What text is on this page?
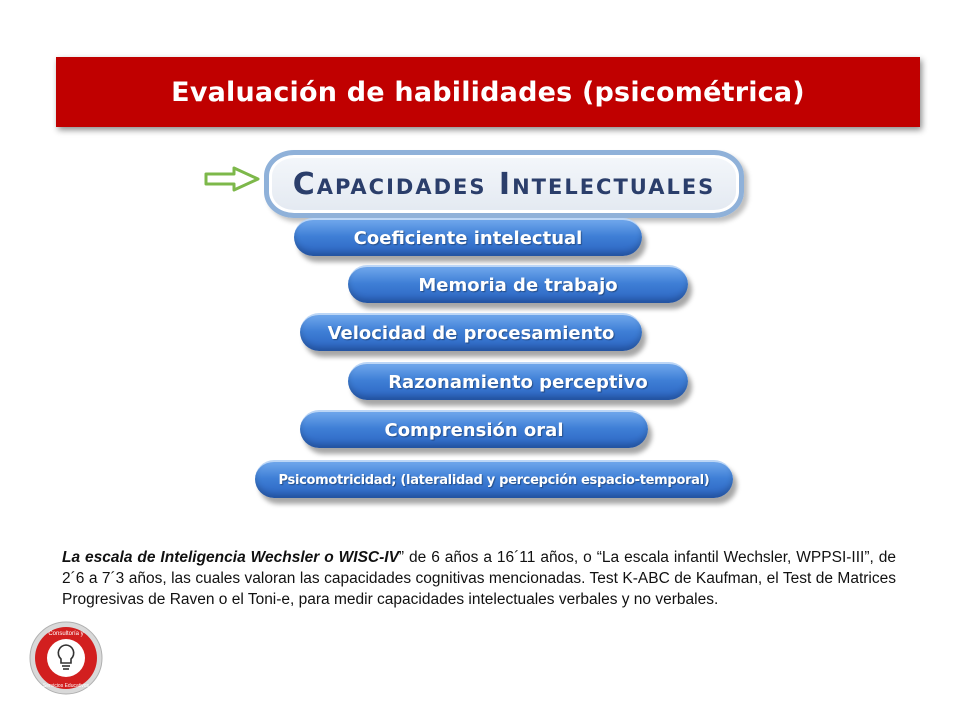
Evaluación de habilidades (psicométrica)
Capacidades Intelectuales
Coeficiente intelectual
Memoria de trabajo
Velocidad de procesamiento
Razonamiento perceptivo
Comprensión oral
Psicomotricidad; (lateralidad y percepción espacio-temporal)

La escala de Inteligencia Wechsler o WISC-IV” de 6 años a 16´11 años, o “La escala infantil Wechsler, WPPSI-III”, de 2´6 a 7´3 años, las cuales valoran las capacidades cognitivas mencionadas. Test K-ABC de Kaufman, el Test de Matrices Progresivas de Raven o el Toni-e, para medir capacidades intelectuales verbales y no verbales.

Consultoría y
Servicios Educativos
